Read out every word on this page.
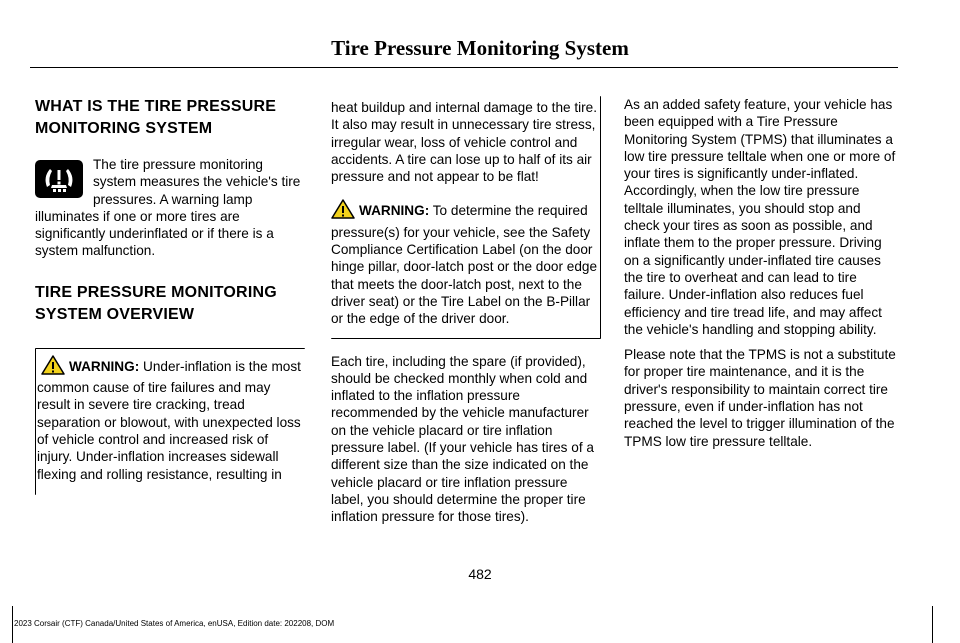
Tire Pressure Monitoring System
WHAT IS THE TIRE PRESSURE MONITORING SYSTEM

The tire pressure monitoring system measures the vehicle's tire pressures. A warning lamp illuminates if one or more tires are significantly underinflated or if there is a system malfunction.

TIRE PRESSURE MONITORING SYSTEM OVERVIEW

WARNING: Under-inflation is the most common cause of tire failures and may result in severe tire cracking, tread separation or blowout, with unexpected loss of vehicle control and increased risk of injury. Under-inflation increases sidewall flexing and rolling resistance, resulting in

heat buildup and internal damage to the tire. It also may result in unnecessary tire stress, irregular wear, loss of vehicle control and accidents. A tire can lose up to half of its air pressure and not appear to be flat!

WARNING: To determine the required pressure(s) for your vehicle, see the Safety Compliance Certification Label (on the door hinge pillar, door-latch post or the door edge that meets the door-latch post, next to the driver seat) or the Tire Label on the B-Pillar or the edge of the driver door.

Each tire, including the spare (if provided), should be checked monthly when cold and inflated to the inflation pressure recommended by the vehicle manufacturer on the vehicle placard or tire inflation pressure label. (If your vehicle has tires of a different size than the size indicated on the vehicle placard or tire inflation pressure label, you should determine the proper tire inflation pressure for those tires).

As an added safety feature, your vehicle has been equipped with a Tire Pressure Monitoring System (TPMS) that illuminates a low tire pressure telltale when one or more of your tires is significantly under-inflated. Accordingly, when the low tire pressure telltale illuminates, you should stop and check your tires as soon as possible, and inflate them to the proper pressure. Driving on a significantly under-inflated tire causes the tire to overheat and can lead to tire failure. Under-inflation also reduces fuel efficiency and tire tread life, and may affect the vehicle's handling and stopping ability.

Please note that the TPMS is not a substitute for proper tire maintenance, and it is the driver's responsibility to maintain correct tire pressure, even if under-inflation has not reached the level to trigger illumination of the TPMS low tire pressure telltale.

482
2023 Corsair (CTF) Canada/United States of America, enUSA, Edition date: 202208, DOM
